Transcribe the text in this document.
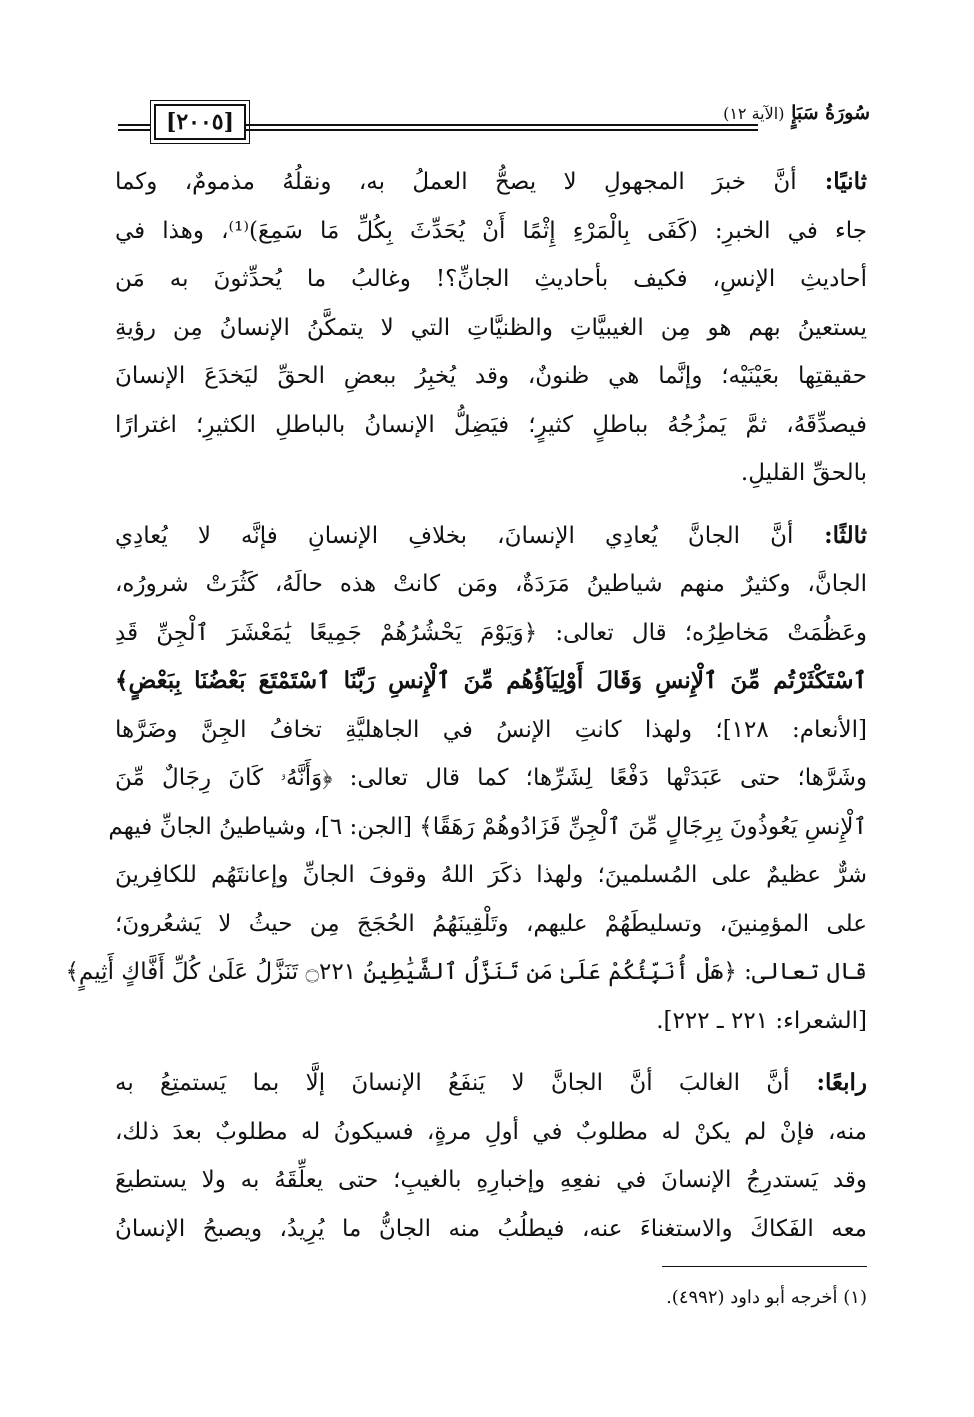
[٢٠٠٥]	سُورَةُ سَبَإٍ (الآية ١٢)
ثانيًا: أنَّ خبرَ المجهولِ لا يصحُّ العملُ به، ونقلُهُ مذمومٌ، وكما
جاء في الخبرِ: (كَفَى بِالْمَرْءِ إِثْمًا أَنْ يُحَدِّثَ بِكُلِّ مَا سَمِعَ)⁽¹⁾، وهذا في
أحاديثِ الإنسِ، فكيف بأحاديثِ الجانِّ؟! وغالبُ ما يُحدِّثونَ به مَن
يستعينُ بهم هو مِن الغيبيَّاتِ والظنيَّاتِ التي لا يتمكَّنُ الإنسانُ مِن رؤيةِ
حقيقتِها بعَيْنَيْه؛ وإنَّما هي ظنونٌ، وقد يُخبِرُ ببعضِ الحقِّ ليَخدَعَ الإنسانَ
فيصدِّقَهُ، ثمَّ يَمزُجُهُ بباطلٍ كثيرٍ؛ فيَضِلُّ الإنسانُ بالباطلِ الكثيرِ؛ اغترارًا
بالحقِّ القليلِ.
ثالثًا: أنَّ الجانَّ يُعادِي الإنسانَ، بخلافِ الإنسانِ فإنَّه لا يُعادِي
الجانَّ، وكثيرٌ منهم شياطينُ مَرَدَةٌ، ومَن كانتْ هذه حالَهُ، كَثُرَتْ شرورُه،
وعَظُمَتْ مَخاطِرُه؛ قال تعالى: ﴿وَيَوْمَ يَحْشُرُهُمْ جَمِيعًا يَٰمَعْشَرَ ٱلْجِنِّ قَدِ
ٱسْتَكْثَرْتُم مِّنَ ٱلْإِنسِ وَقَالَ أَوْلِيَآؤُهُم مِّنَ ٱلْإِنسِ رَبَّنَا ٱسْتَمْتَعَ بَعْضُنَا بِبَعْضٍ﴾
[الأنعام: ١٢٨]؛ ولهذا كانتِ الإنسُ في الجاهليَّةِ تخافُ الجِنَّ وضَرَّها
وشَرَّها؛ حتى عَبَدَتْها دَفْعًا لِشَرِّها؛ كما قال تعالى: ﴿وَأَنَّهُۥ كَانَ رِجَالٌ مِّنَ
ٱلْإِنسِ يَعُوذُونَ بِرِجَالٍ مِّنَ ٱلْجِنِّ فَزَادُوهُمْ رَهَقًا﴾ [الجن: ٦]، وشياطينُ الجانِّ فيهم
شرٌّ عظيمٌ على المُسلمينَ؛ ولهذا ذكَرَ اللهُ وقوفَ الجانِّ وإعانتَهُم للكافِرينَ
على المؤمِنينَ، وتسليطَهُمْ عليهم، وتَلْقِينَهُمُ الحُجَجَ مِن حيثُ لا يَشعُرونَ؛
قال تعالى: ﴿هَلْ أُنَبِّئُكُمْ عَلَىٰ مَن تَنَزَّلُ ٱلشَّيَٰطِينُ ۝٢٢١ تَنَزَّلُ عَلَىٰ كُلِّ أَفَّاكٍ أَثِيمٍ﴾
[الشعراء: ٢٢١ ـ ٢٢٢].
رابعًا: أنَّ الغالبَ أنَّ الجانَّ لا يَنفَعُ الإنسانَ إلَّا بما يَستمتِعُ به
منه، فإنْ لم يكنْ له مطلوبٌ في أولِ مرةٍ، فسيكونُ له مطلوبٌ بعدَ ذلك،
وقد يَستدرِجُ الإنسانَ في نفعِهِ وإخبارِهِ بالغيبِ؛ حتى يعلِّقَهُ به ولا يستطيعَ
معه الفَكاكَ والاستغناءَ عنه، فيطلُبُ منه الجانُّ ما يُرِيدُ، ويصبحُ الإنسانُ
(١) أخرجه أبو داود (٤٩٩٢).
